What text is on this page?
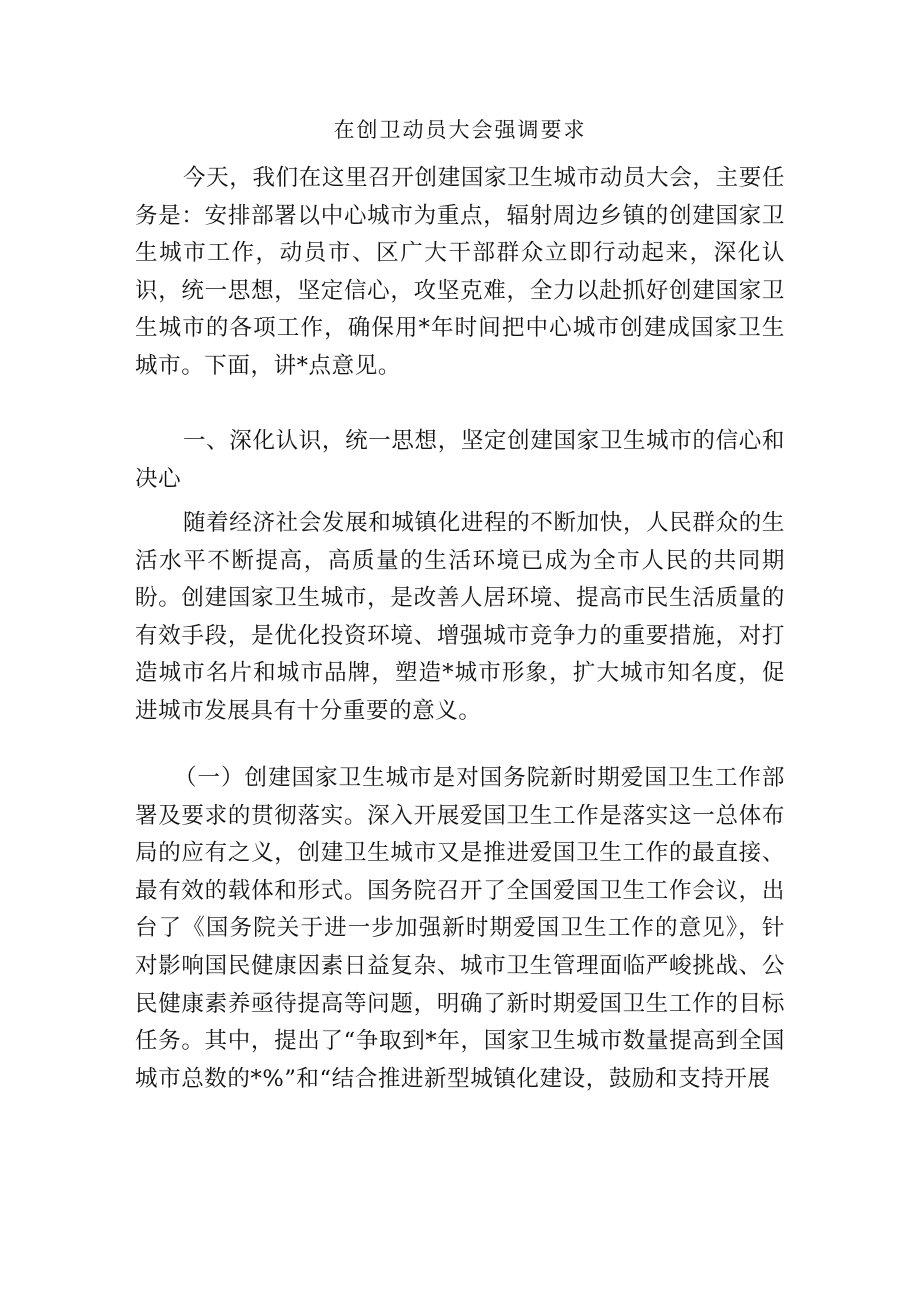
在创卫动员大会强调要求

今天，我们在这里召开创建国家卫生城市动员大会，主要任务是：安排部署以中心城市为重点，辐射周边乡镇的创建国家卫生城市工作，动员市、区广大干部群众立即行动起来，深化认识，统一思想，坚定信心，攻坚克难，全力以赴抓好创建国家卫生城市的各项工作，确保用*年时间把中心城市创建成国家卫生城市。下面，讲*点意见。

一、深化认识，统一思想，坚定创建国家卫生城市的信心和决心

随着经济社会发展和城镇化进程的不断加快，人民群众的生活水平不断提高，高质量的生活环境已成为全市人民的共同期盼。创建国家卫生城市，是改善人居环境、提高市民生活质量的有效手段，是优化投资环境、增强城市竞争力的重要措施，对打造城市名片和城市品牌，塑造*城市形象，扩大城市知名度，促进城市发展具有十分重要的意义。

（一）创建国家卫生城市是对国务院新时期爱国卫生工作部署及要求的贯彻落实。深入开展爱国卫生工作是落实这一总体布局的应有之义，创建卫生城市又是推进爱国卫生工作的最直接、最有效的载体和形式。国务院召开了全国爱国卫生工作会议，出台了《国务院关于进一步加强新时期爱国卫生工作的意见》，针对影响国民健康因素日益复杂、城市卫生管理面临严峻挑战、公民健康素养亟待提高等问题，明确了新时期爱国卫生工作的目标任务。其中，提出了“争取到*年，国家卫生城市数量提高到全国城市总数的*%”和“结合推进新型城镇化建设，鼓励和支持开展
